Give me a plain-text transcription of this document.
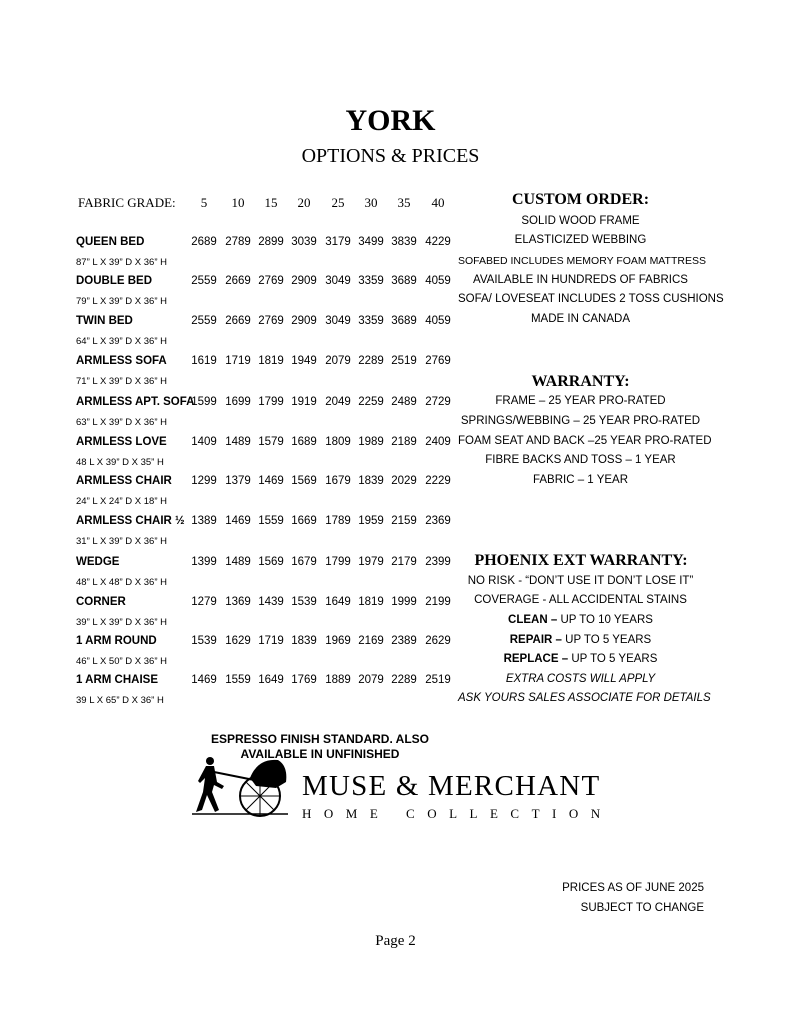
YORK
OPTIONS & PRICES
FABRIC GRADE:	5	10	15	20	25	30	35	40
QUEEN BED
87” L X 39” D X 36” H
2689 2789 2899 3039 3179 3499 3839 4229
DOUBLE BED
79” L X 39” D X 36” H
2559 2669 2769 2909 3049 3359 3689 4059
TWIN BED
64” L X 39” D X 36” H
2559 2669 2769 2909 3049 3359 3689 4059
ARMLESS SOFA
71” L X 39” D X 36” H
1619 1719 1819 1949 2079 2289 2519 2769
ARMLESS APT. SOFA
63” L X 39” D X 36” H
1599 1699 1799 1919 2049 2259 2489 2729
ARMLESS LOVE
48 L X 39” D X 35” H
1409 1489 1579 1689 1809 1989 2189 2409
ARMLESS CHAIR
24” L X 24” D X 18” H
1299 1379 1469 1569 1679 1839 2029 2229
ARMLESS CHAIR ½
31” L X 39” D X 36” H
1389 1469 1559 1669 1789 1959 2159 2369
WEDGE
48” L X 48” D X 36” H
1399 1489 1569 1679 1799 1979 2179 2399
CORNER
39” L X 39” D X 36” H
1279 1369 1439 1539 1649 1819 1999 2199
1 ARM ROUND
46” L X 50” D X 36” H
1539 1629 1719 1839 1969 2169 2389 2629
1 ARM CHAISE
39 L X 65” D X 36” H
1469 1559 1649 1769 1889 2079 2289 2519
CUSTOM ORDER:
SOLID WOOD FRAME
ELASTICIZED WEBBING
SOFABED INCLUDES MEMORY FOAM MATTRESS
AVAILABLE IN HUNDREDS OF FABRICS
SOFA/ LOVESEAT INCLUDES 2 TOSS CUSHIONS
MADE IN CANADA
WARRANTY:
FRAME – 25 YEAR PRO-RATED
SPRINGS/WEBBING – 25 YEAR PRO-RATED
FOAM SEAT AND BACK –25 YEAR PRO-RATED
FIBRE BACKS AND TOSS – 1 YEAR
FABRIC – 1 YEAR
PHOENIX EXT WARRANTY:
NO RISK - “DON’T USE IT DON’T LOSE IT”
COVERAGE - ALL ACCIDENTAL STAINS
CLEAN – UP TO 10 YEARS
REPAIR – UP TO 5 YEARS
REPLACE – UP TO 5 YEARS
EXTRA COSTS WILL APPLY
ASK YOURS SALES ASSOCIATE FOR DETAILS
ESPRESSO FINISH STANDARD. ALSO
AVAILABLE IN UNFINISHED
MUSE & MERCHANT
HOME COLLECTION
PRICES AS OF JUNE 2025
SUBJECT TO CHANGE
Page 2
